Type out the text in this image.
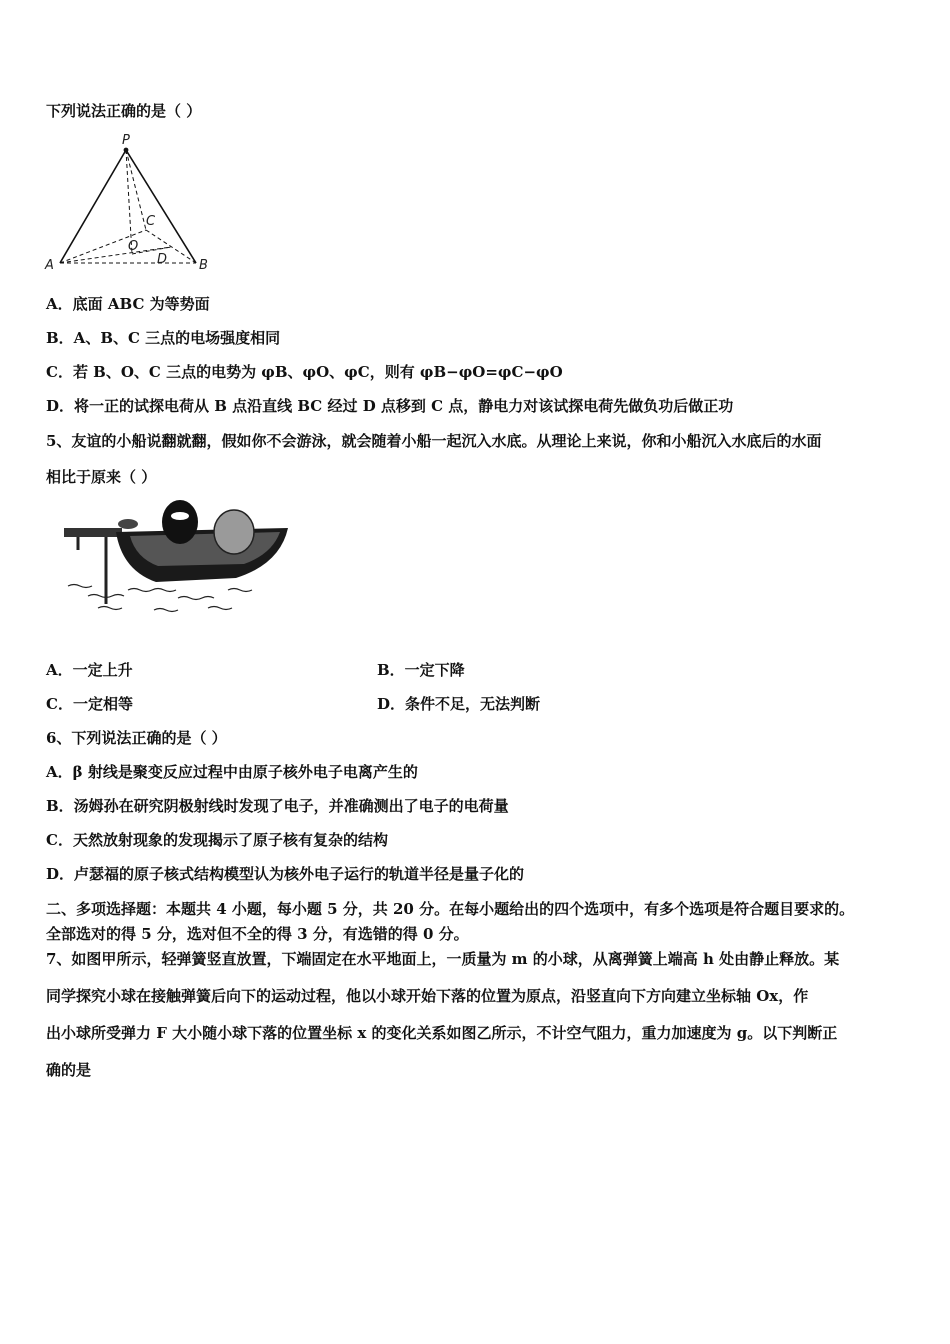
下列说法正确的是（ ）
P
A	B
C
O
D
A．底面 ABC 为等势面
B．A、B、C 三点的电场强度相同
C．若 B、O、C 三点的电势为 φB、φO、φC，则有 φB−φO=φC−φO
D．将一正的试探电荷从 B 点沿直线 BC 经过 D 点移到 C 点，静电力对该试探电荷先做负功后做正功
5、友谊的小船说翻就翻，假如你不会游泳，就会随着小船一起沉入水底。从理论上来说，你和小船沉入水底后的水面
相比于原来（ ）
A．一定上升	B．一定下降
C．一定相等	D．条件不足，无法判断
6、下列说法正确的是（ ）
A．β 射线是聚变反应过程中由原子核外电子电离产生的
B．汤姆孙在研究阴极射线时发现了电子，并准确测出了电子的电荷量
C．天然放射现象的发现揭示了原子核有复杂的结构
D．卢瑟福的原子核式结构模型认为核外电子运行的轨道半径是量子化的
二、多项选择题：本题共 4 小题，每小题 5 分，共 20 分。在每小题给出的四个选项中，有多个选项是符合题目要求的。
全部选对的得 5 分，选对但不全的得 3 分，有选错的得 0 分。
7、如图甲所示，轻弹簧竖直放置，下端固定在水平地面上，一质量为 m 的小球，从离弹簧上端高 h 处由静止释放。某
同学探究小球在接触弹簧后向下的运动过程，他以小球开始下落的位置为原点，沿竖直向下方向建立坐标轴 Ox，作
出小球所受弹力 F 大小随小球下落的位置坐标 x 的变化关系如图乙所示，不计空气阻力，重力加速度为 g。以下判断正
确的是
